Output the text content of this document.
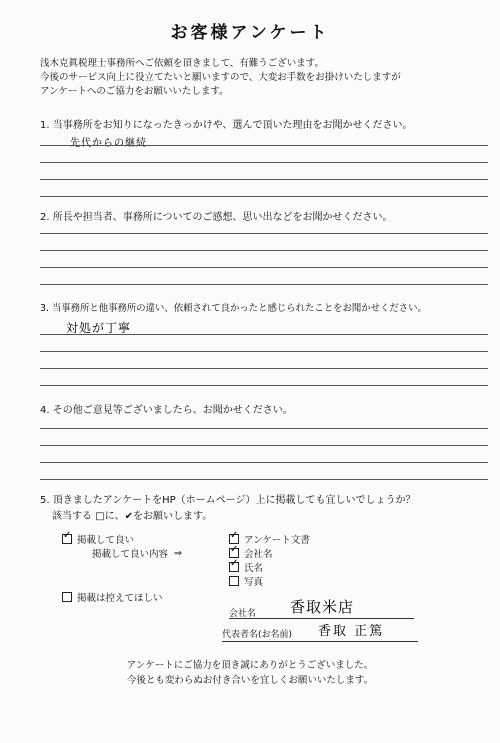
お客様アンケート
浅木克眞税理士事務所へご依頼を頂きまして、有難うございます。
今後のサービス向上に役立てたいと願いますので、大変お手数をお掛けいたしますが
アンケートへのご協力をお願いいたします。
1. 当事務所をお知りになったきっかけや、選んで頂いた理由をお聞かせください。
先代からの継続
2. 所長や担当者、事務所についてのご感想、思い出などをお聞かせください。
3. 当事務所と他事務所の違い、依頼されて良かったと感じられたことをお聞かせください。
対処が丁寧
4. その他ご意見等ございましたら、お聞かせください。
5. 頂きましたアンケートをHP（ホームページ）上に掲載しても宜しいでしょうか？
該当する □に、✔をお願いします。
✓
掲載して良い
掲載して良い内容 ⇒
✓
アンケート文書
✓
会社名
✓
氏名
写真
掲載は控えてほしい
会社名 香取米店
代表者名(お名前) 香取 正篤
アンケートにご協力を頂き誠にありがとうございました。
今後とも変わらぬお付き合いを宜しくお願いいたします。
